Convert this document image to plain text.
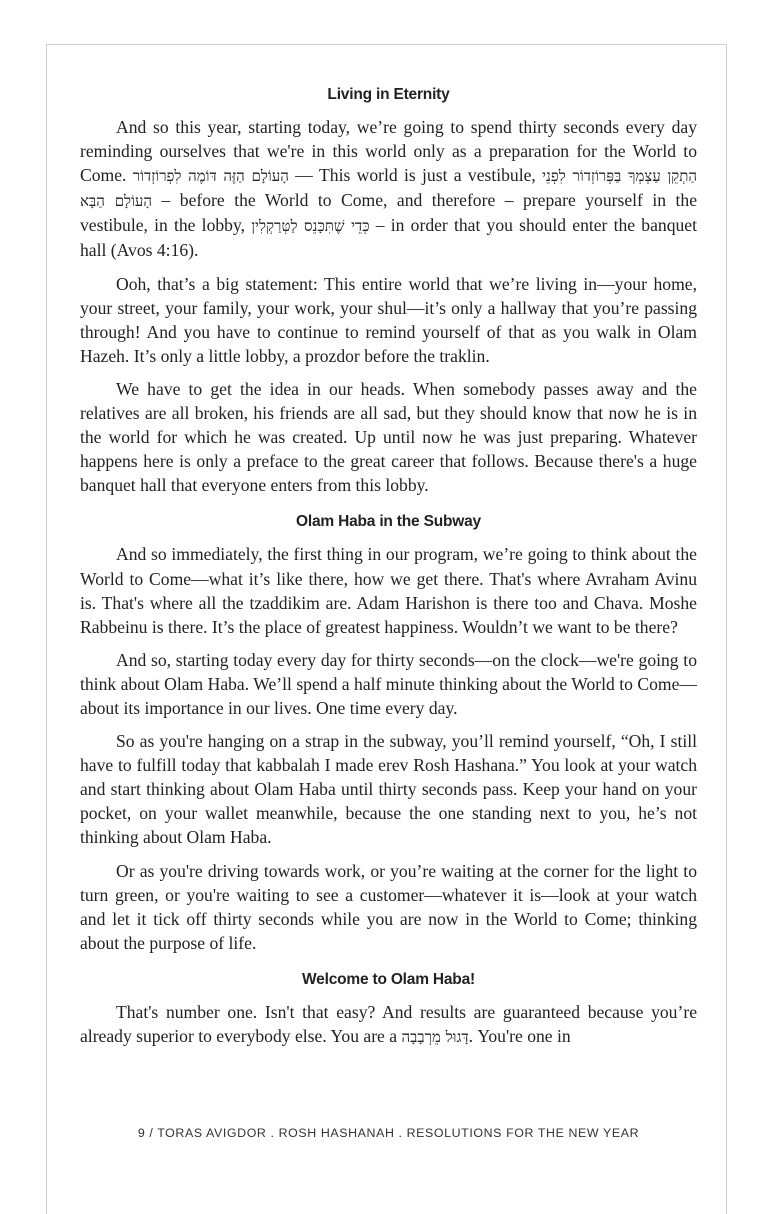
Living in Eternity

And so this year, starting today, we’re going to spend thirty seconds every day reminding ourselves that we're in this world only as a preparation for the World to Come. הָעוֹלָם הַזֶּה דּוֹמֶה לִפְרוֹזְדוֹר — This world is just a vestibule, הַתְקֵן עַצְמְךָ בַּפְּרוֹזְדוֹר לִפְנֵי הָעוֹלָם הַבָּא – before the World to Come, and therefore – prepare yourself in the vestibule, in the lobby, כְּדֵי שֶׁתִּכָּנֵס לַטְּרַקְלִין – in order that you should enter the banquet hall (Avos 4:16).

Ooh, that’s a big statement: This entire world that we’re living in—your home, your street, your family, your work, your shul—it’s only a hallway that you’re passing through! And you have to continue to remind yourself of that as you walk in Olam Hazeh. It’s only a little lobby, a prozdor before the traklin.

We have to get the idea in our heads. When somebody passes away and the relatives are all broken, his friends are all sad, but they should know that now he is in the world for which he was created. Up until now he was just preparing. Whatever happens here is only a preface to the great career that follows. Because there's a huge banquet hall that everyone enters from this lobby.

Olam Haba in the Subway

And so immediately, the first thing in our program, we’re going to think about the World to Come—what it’s like there, how we get there. That's where Avraham Avinu is. That's where all the tzaddikim are. Adam Harishon is there too and Chava. Moshe Rabbeinu is there. It’s the place of greatest happiness. Wouldn’t we want to be there?

And so, starting today every day for thirty seconds—on the clock—we're going to think about Olam Haba. We’ll spend a half minute thinking about the World to Come—about its importance in our lives. One time every day.

So as you're hanging on a strap in the subway, you’ll remind yourself, “Oh, I still have to fulfill today that kabbalah I made erev Rosh Hashana.” You look at your watch and start thinking about Olam Haba until thirty seconds pass. Keep your hand on your pocket, on your wallet meanwhile, because the one standing next to you, he’s not thinking about Olam Haba.

Or as you're driving towards work, or you’re waiting at the corner for the light to turn green, or you're waiting to see a customer—whatever it is—look at your watch and let it tick off thirty seconds while you are now in the World to Come; thinking about the purpose of life.

Welcome to Olam Haba!

That's number one. Isn't that easy? And results are guaranteed because you’re already superior to everybody else. You are a דָּגוּל מֵרְבָבָה. You're one in

9 / TORAS AVIGDOR . ROSH HASHANAH . RESOLUTIONS FOR THE NEW YEAR
